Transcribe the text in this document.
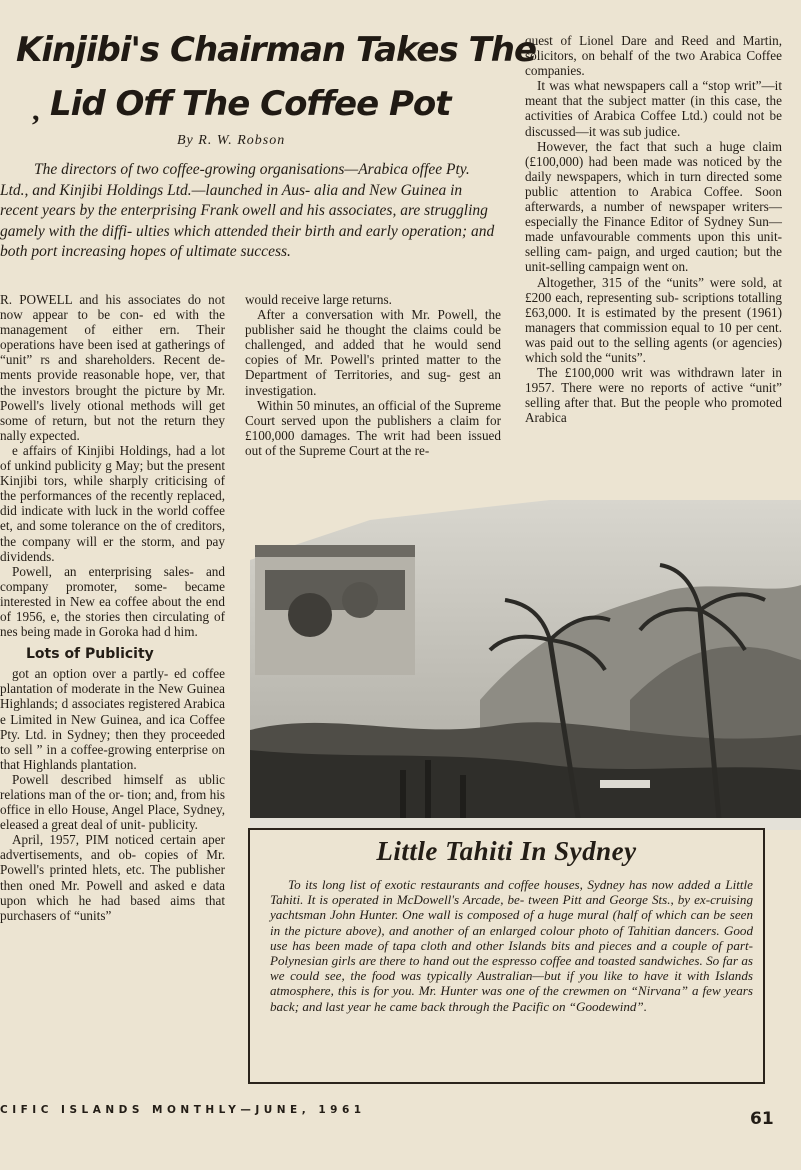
Kinjibi's Chairman Takes The
, Lid Off The Coffee Pot
By R. W. Robson

The directors of two coffee-growing organisations—Arabica offee Pty. Ltd., and Kinjibi Holdings Ltd.—launched in Aus- alia and New Guinea in recent years by the enterprising Frank owell and his associates, are struggling gamely with the diffi- ulties which attended their birth and early operation; and both port increasing hopes of ultimate success.

R. POWELL and his associates do not now appear to be con- ed with the management of either ern. Their operations have been ised at gatherings of “unit” rs and shareholders. Recent de- ments provide reasonable hope, ver, that the investors brought the picture by Mr. Powell's lively otional methods will get some of return, but not the return they nally expected.

e affairs of Kinjibi Holdings, had a lot of unkind publicity g May; but the present Kinjibi tors, while sharply criticising of the performances of the recently replaced, did indicate with luck in the world coffee et, and some tolerance on the of creditors, the company will er the storm, and pay dividends.

Powell, an enterprising sales- and company promoter, some- became interested in New ea coffee about the end of 1956, e, the stories then circulating of nes being made in Goroka had d him.

Lots of Publicity

got an option over a partly- ed coffee plantation of moderate in the New Guinea Highlands; d associates registered Arabica e Limited in New Guinea, and ica Coffee Pty. Ltd. in Sydney; then they proceeded to sell ” in a coffee-growing enterprise on that Highlands plantation.

Powell described himself as ublic relations man of the or- tion; and, from his office in ello House, Angel Place, Sydney, eleased a great deal of unit- publicity.

April, 1957, PIM noticed certain aper advertisements, and ob- copies of Mr. Powell's printed hlets, etc. The publisher then oned Mr. Powell and asked e data upon which he had based aims that purchasers of “units”

would receive large returns.

After a conversation with Mr. Powell, the publisher said he thought the claims could be challenged, and added that he would send copies of Mr. Powell's printed matter to the Department of Territories, and sug- gest an investigation.

Within 50 minutes, an official of the Supreme Court served upon the publishers a claim for £100,000 damages. The writ had been issued out of the Supreme Court at the re-

quest of Lionel Dare and Reed and Martin, solicitors, on behalf of the two Arabica Coffee companies.

It was what newspapers call a “stop writ”—it meant that the subject matter (in this case, the activities of Arabica Coffee Ltd.) could not be discussed—it was sub judice.

However, the fact that such a huge claim (£100,000) had been made was noticed by the daily newspapers, which in turn directed some public attention to Arabica Coffee. Soon afterwards, a number of newspaper writers—especially the Finance Editor of Sydney Sun—made unfavourable comments upon this unit-selling cam- paign, and urged caution; but the unit-selling campaign went on.

Altogether, 315 of the “units” were sold, at £200 each, representing sub- scriptions totalling £63,000. It is estimated by the present (1961) managers that commission equal to 10 per cent. was paid out to the selling agents (or agencies) which sold the “units”.

The £100,000 writ was withdrawn later in 1957. There were no reports of active “unit” selling after that. But the people who promoted Arabica

Little Tahiti In Sydney

To its long list of exotic restaurants and coffee houses, Sydney has now added a Little Tahiti. It is operated in McDowell's Arcade, be- tween Pitt and George Sts., by ex-cruising yachtsman John Hunter. One wall is composed of a huge mural (half of which can be seen in the picture above), and another of an enlarged colour photo of Tahitian dancers. Good use has been made of tapa cloth and other Islands bits and pieces and a couple of part-Polynesian girls are there to hand out the espresso coffee and toasted sandwiches. So far as we could see, the food was typically Australian—but if you like to have it with Islands atmosphere, this is for you. Mr. Hunter was one of the crewmen on “Nirvana” a few years back; and last year he came back through the Pacific on “Goodewind”.

CIFIC ISLANDS MONTHLY—JUNE, 1961	61
